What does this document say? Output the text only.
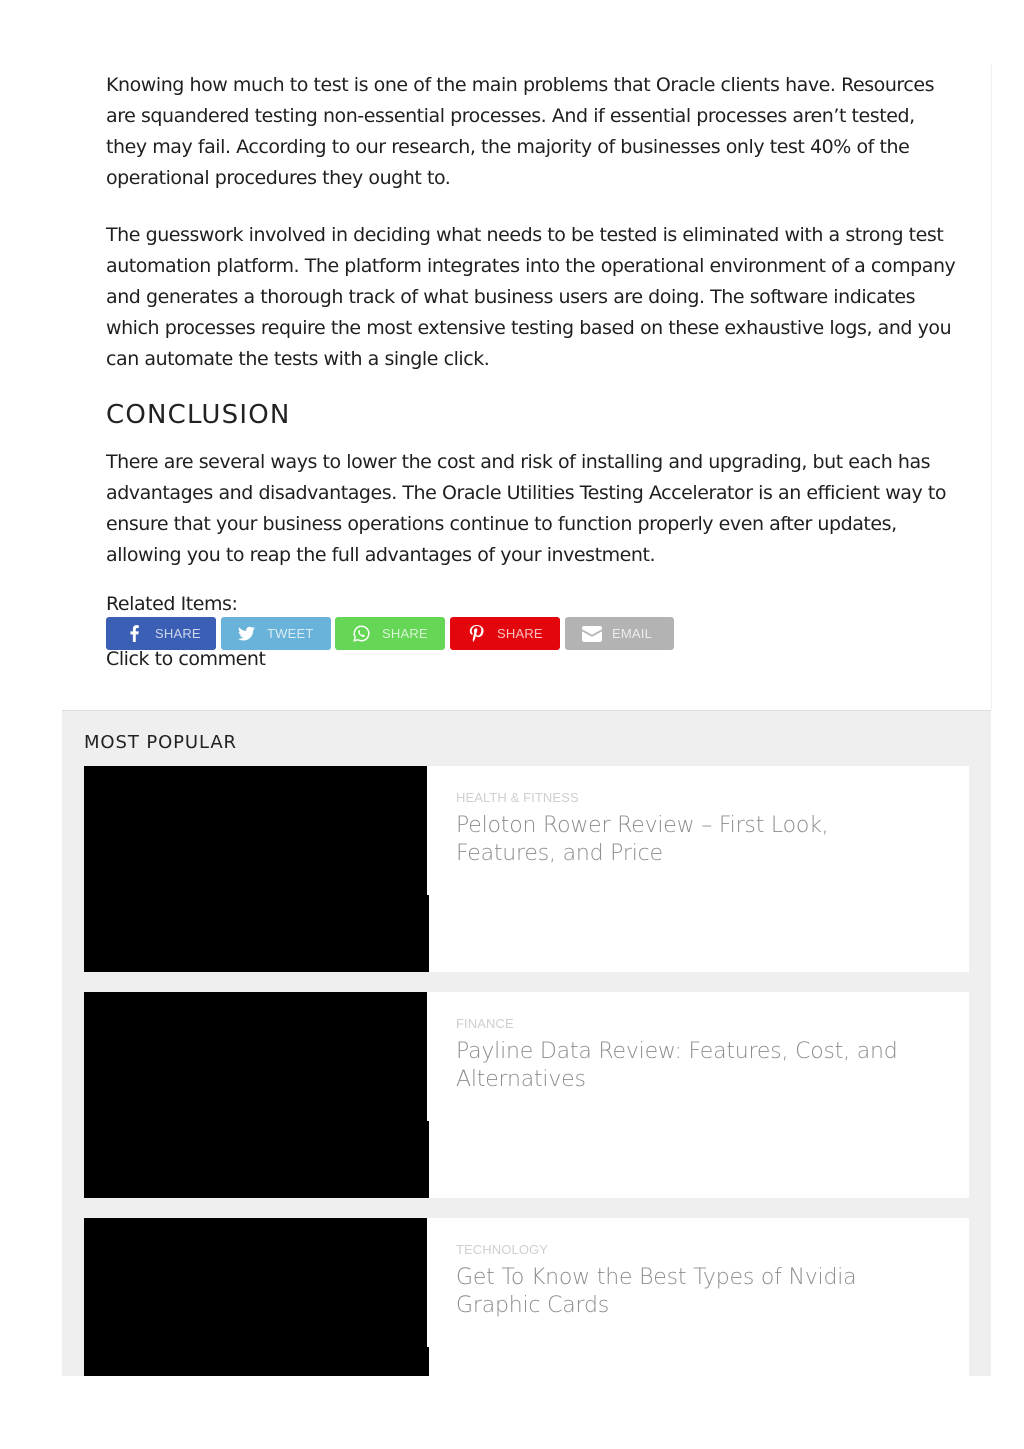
Knowing how much to test is one of the main problems that Oracle clients have. Resources are squandered testing non-essential processes. And if essential processes aren’t tested, they may fail. According to our research, the majority of businesses only test 40% of the operational procedures they ought to.

The guesswork involved in deciding what needs to be tested is eliminated with a strong test automation platform. The platform integrates into the operational environment of a company and generates a thorough track of what business users are doing. The software indicates which processes require the most extensive testing based on these exhaustive logs, and you can automate the tests with a single click.

CONCLUSION

There are several ways to lower the cost and risk of installing and upgrading, but each has advantages and disadvantages. The Oracle Utilities Testing Accelerator is an efficient way to ensure that your business operations continue to function properly even after updates, allowing you to reap the full advantages of your investment.

Related Items:
SHARE	TWEET	SHARE	SHARE	EMAIL
Click to comment
MOST POPULAR
HEALTH & FITNESS
Peloton Rower Review – First Look, Features, and Price
FINANCE
Payline Data Review: Features, Cost, and Alternatives
TECHNOLOGY
Get To Know the Best Types of Nvidia Graphic Cards
